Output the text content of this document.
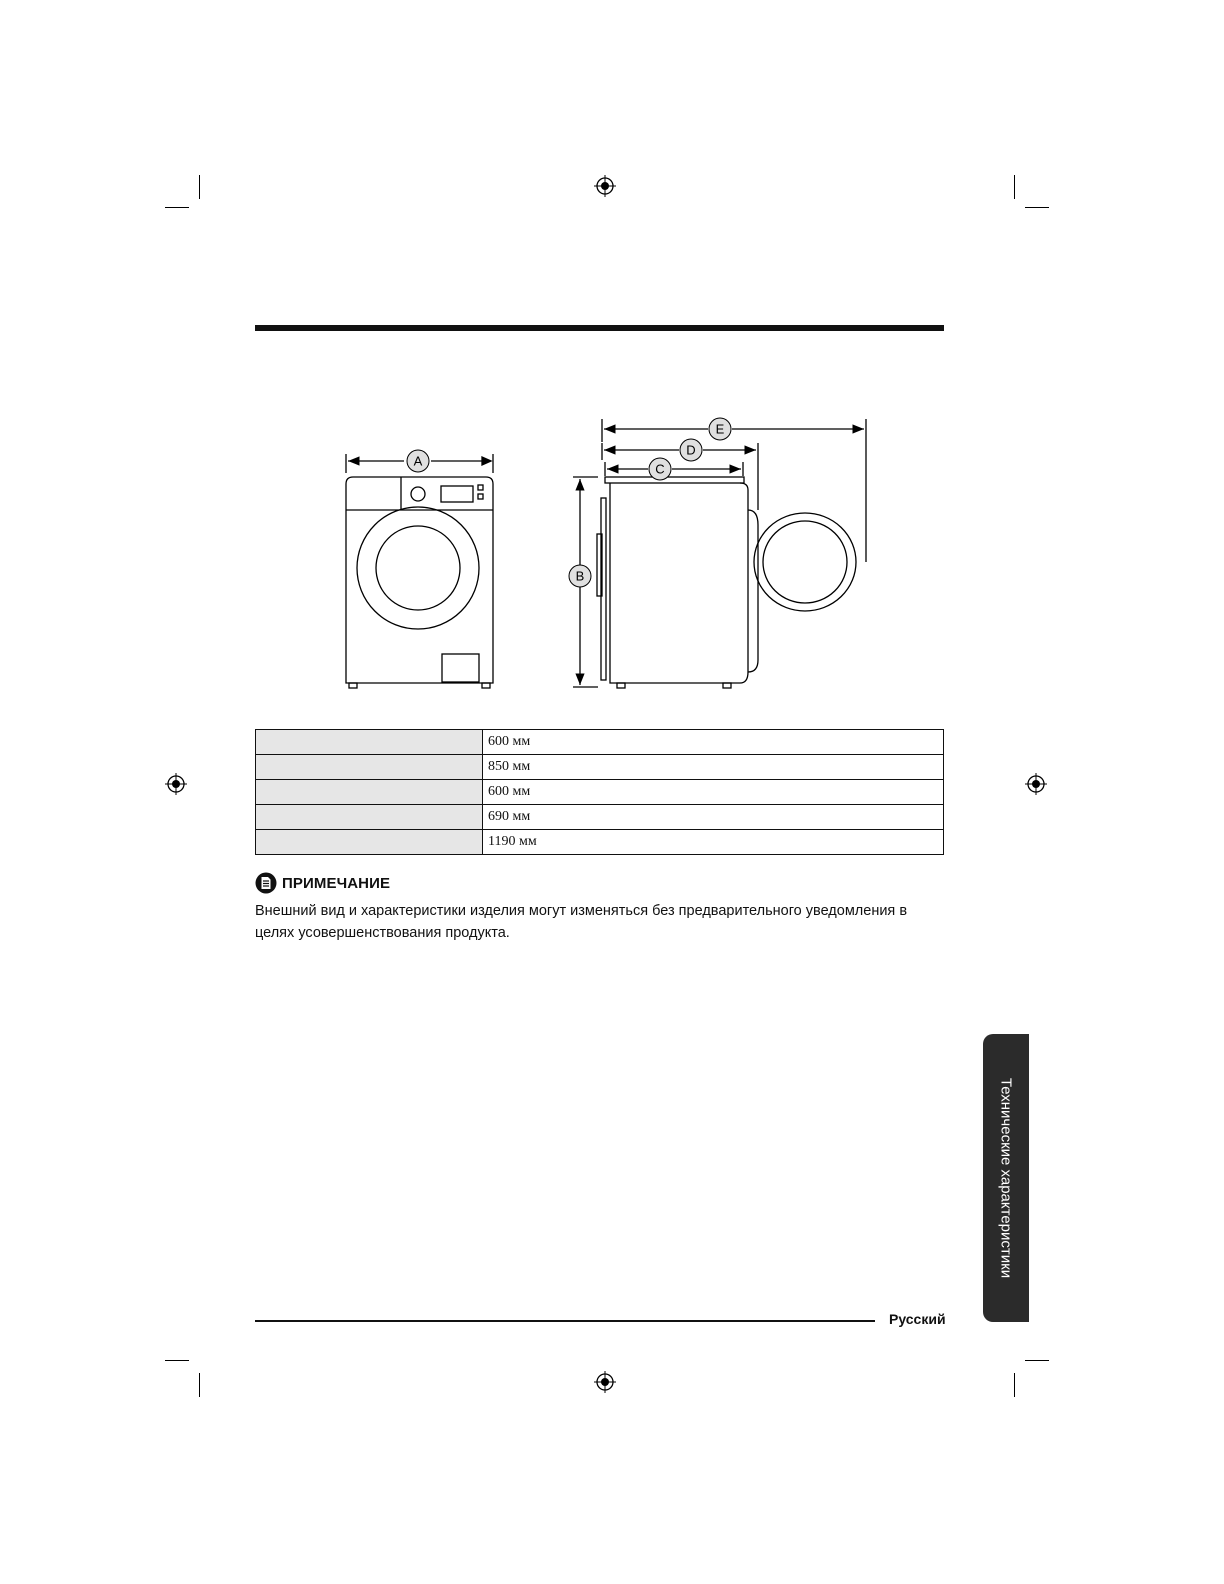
A
B
C
D
E
	600 мм
	850 мм
	600 мм
	690 мм
	1190 мм
ПРИМЕЧАНИЕ
Внешний вид и характеристики изделия могут изменяться без предварительного уведомления в целях усовершенствования продукта.
Технические характеристики
Русский
